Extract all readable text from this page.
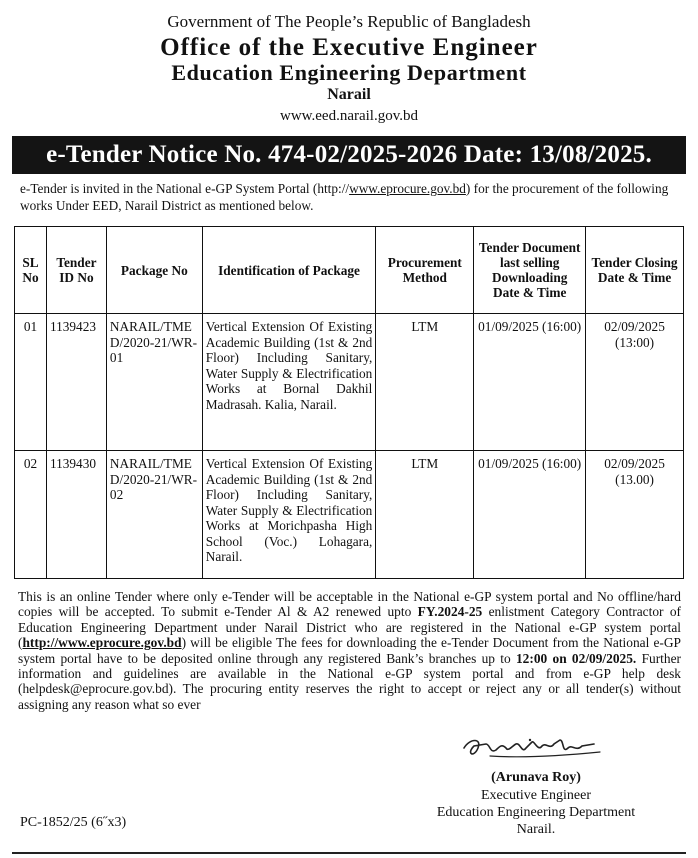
Government of The People’s Republic of Bangladesh
Office of the Executive Engineer
Education Engineering Department
Narail
www.eed.narail.gov.bd
e-Tender Notice No. 474-02/2025-2026 Date: 13/08/2025.
e-Tender is invited in the National e-GP System Portal (http://www.eprocure.gov.bd) for the procurement of the following works Under EED, Narail District as mentioned below.
SL No	Tender ID No	Package No	Identification of Package	Procurement Method	Tender Document last selling Downloading Date & Time	Tender Closing Date & Time
01	1139423	NARAIL/TMED/2020-21/WR-01	Vertical Extension Of Existing Academic Building (1st & 2nd Floor) Including Sanitary, Water Supply & Electrification Works at Bornal Dakhil Madrasah. Kalia, Narail.	LTM	01/09/2025 (16:00)	02/09/2025 (13:00)
02	1139430	NARAIL/TMED/2020-21/WR-02	Vertical Extension Of Existing Academic Building (1st & 2nd Floor) Including Sanitary, Water Supply & Electrification Works at Morichpasha High School (Voc.) Lohagara, Narail.	LTM	01/09/2025 (16:00)	02/09/2025 (13.00)
This is an online Tender where only e-Tender will be acceptable in the National e-GP system portal and No offline/hard copies will be accepted. To submit e-Tender Al & A2 renewed upto FY.2024-25 enlistment Category Contractor of Education Engineering Department under Narail District who are registered in the National e-GP system portal (http://www.eprocure.gov.bd) will be eligible The fees for downloading the e-Tender Document from the National e-GP system portal have to be deposited online through any registered Bank’s branches up to 12:00 on 02/09/2025. Further information and guidelines are available in the National e-GP system portal and from e-GP help desk (helpdesk@eprocure.gov.bd). The procuring entity reserves the right to accept or reject any or all tender(s) without assigning any reason what so ever
(Arunava Roy)
Executive Engineer
Education Engineering Department
Narail.
PC-1852/25 (6˝x3)
